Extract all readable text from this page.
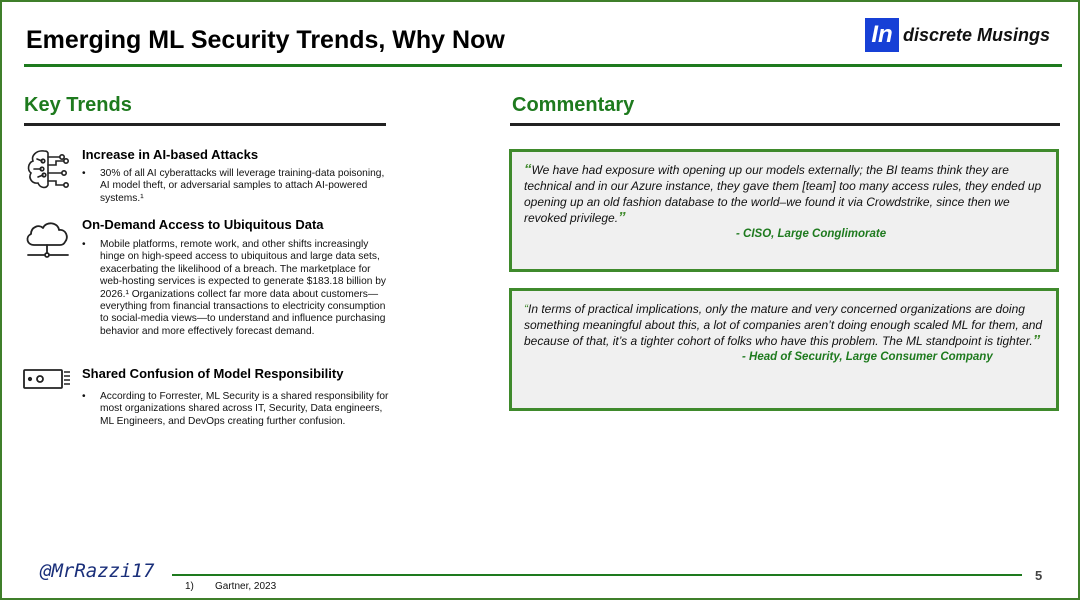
Emerging ML Security Trends, Why Now	In discrete Musings
Key Trends
Increase in AI-based Attacks
•	30% of all AI cyberattacks will leverage training-data poisoning, AI model theft, or adversarial samples to attach AI-powered systems.¹
On-Demand Access to Ubiquitous Data
•	Mobile platforms, remote work, and other shifts increasingly hinge on high-speed access to ubiquitous and large data sets, exacerbating the likelihood of a breach. The marketplace for web-hosting services is expected to generate $183.18 billion by 2026.¹ Organizations collect far more data about customers—everything from financial transactions to electricity consumption to social-media views—to understand and influence purchasing behavior and more effectively forecast demand.
Shared Confusion of Model Responsibility
•	According to Forrester, ML Security is a shared responsibility for most organizations shared across IT, Security, Data engineers, ML Engineers, and DevOps creating further confusion.
Commentary
“We have had exposure with opening up our models externally; the BI teams think they are technical and in our Azure instance, they gave them [team] too many access rules, they ended up opening up an old fashion database to the world–we found it via Crowdstrike, since then we revoked privilege.”
- CISO, Large Conglimorate
“In terms of practical implications, only the mature and very concerned organizations are doing something meaningful about this, a lot of companies aren’t doing enough scaled ML for them, and because of that, it’s a tighter cohort of folks who have this problem. The ML standpoint is tighter.”
- Head of Security, Large Consumer Company
@MrRazzi17
1) Gartner, 2023
5
